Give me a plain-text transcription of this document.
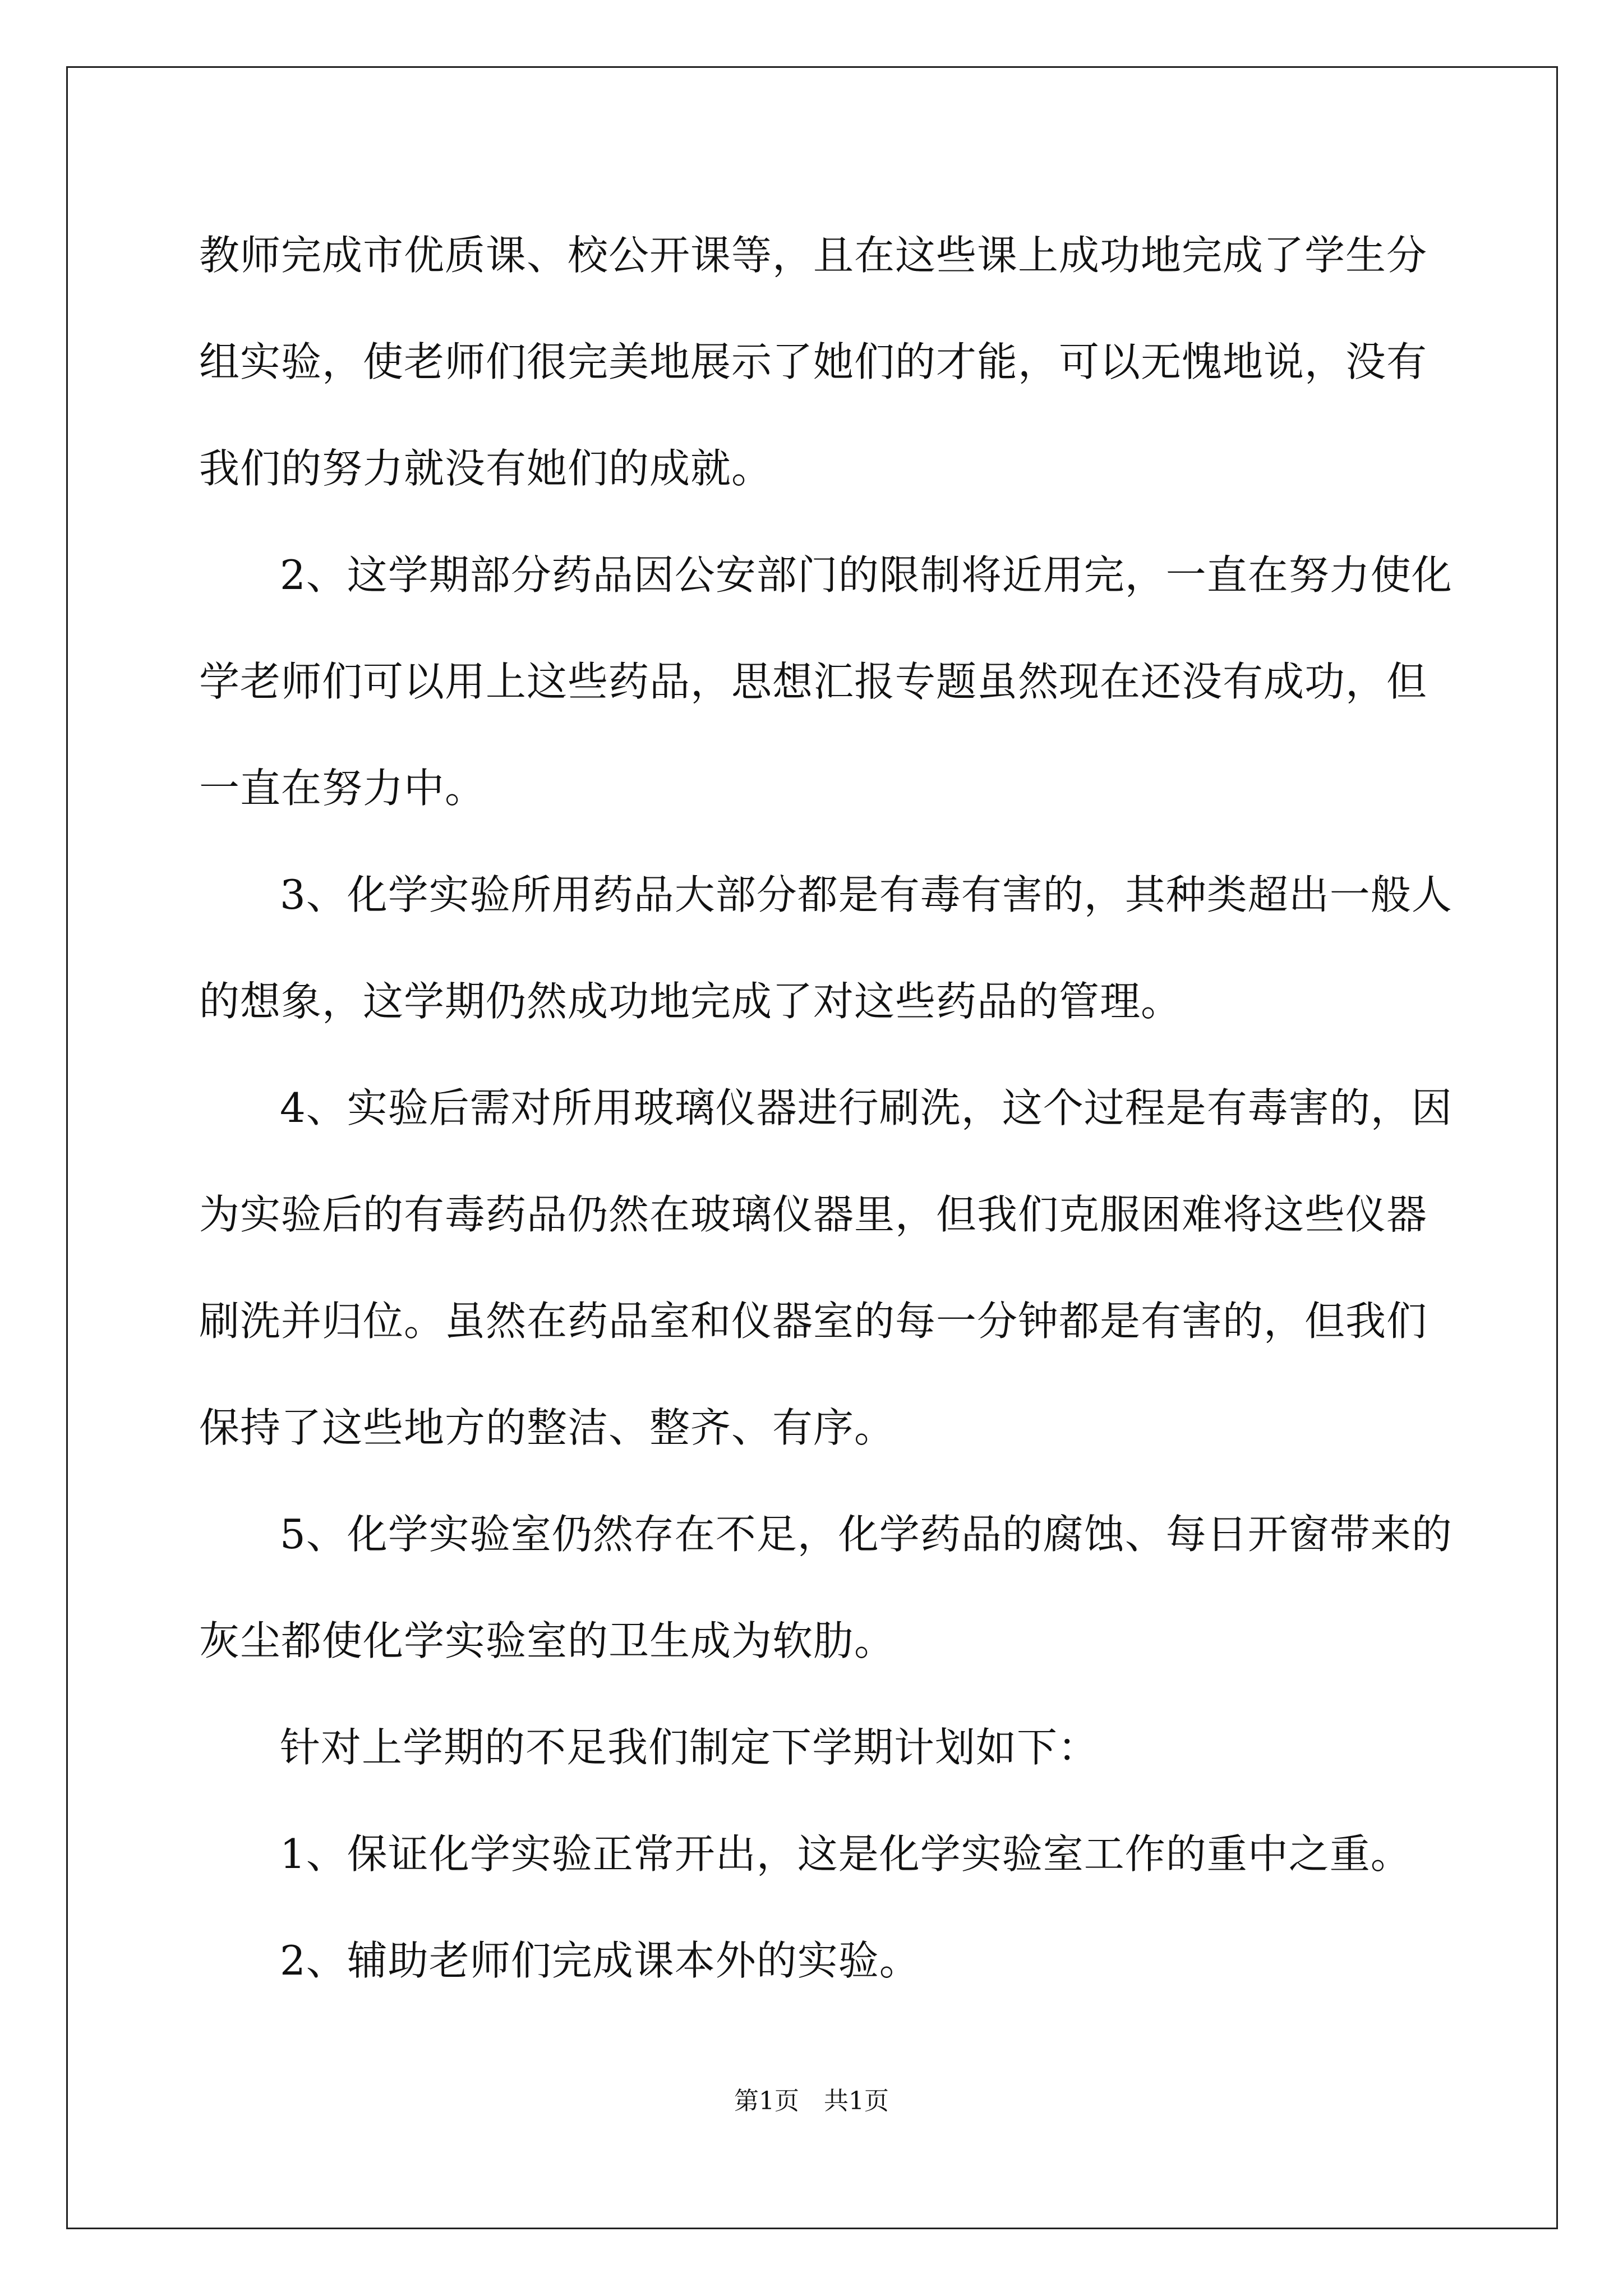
教师完成市优质课、校公开课等，且在这些课上成功地完成了学生分
组实验，使老师们很完美地展示了她们的才能，可以无愧地说，没有
我们的努力就没有她们的成就。

2、这学期部分药品因公安部门的限制将近用完，一直在努力使化
学老师们可以用上这些药品，思想汇报专题虽然现在还没有成功，但
一直在努力中。

3、化学实验所用药品大部分都是有毒有害的，其种类超出一般人
的想象，这学期仍然成功地完成了对这些药品的管理。

4、实验后需对所用玻璃仪器进行刷洗，这个过程是有毒害的，因
为实验后的有毒药品仍然在玻璃仪器里，但我们克服困难将这些仪器
刷洗并归位。虽然在药品室和仪器室的每一分钟都是有害的，但我们
保持了这些地方的整洁、整齐、有序。

5、化学实验室仍然存在不足，化学药品的腐蚀、每日开窗带来的
灰尘都使化学实验室的卫生成为软肋。

针对上学期的不足我们制定下学期计划如下：

1、保证化学实验正常开出，这是化学实验室工作的重中之重。

2、辅助老师们完成课本外的实验。

第1页　共1页
